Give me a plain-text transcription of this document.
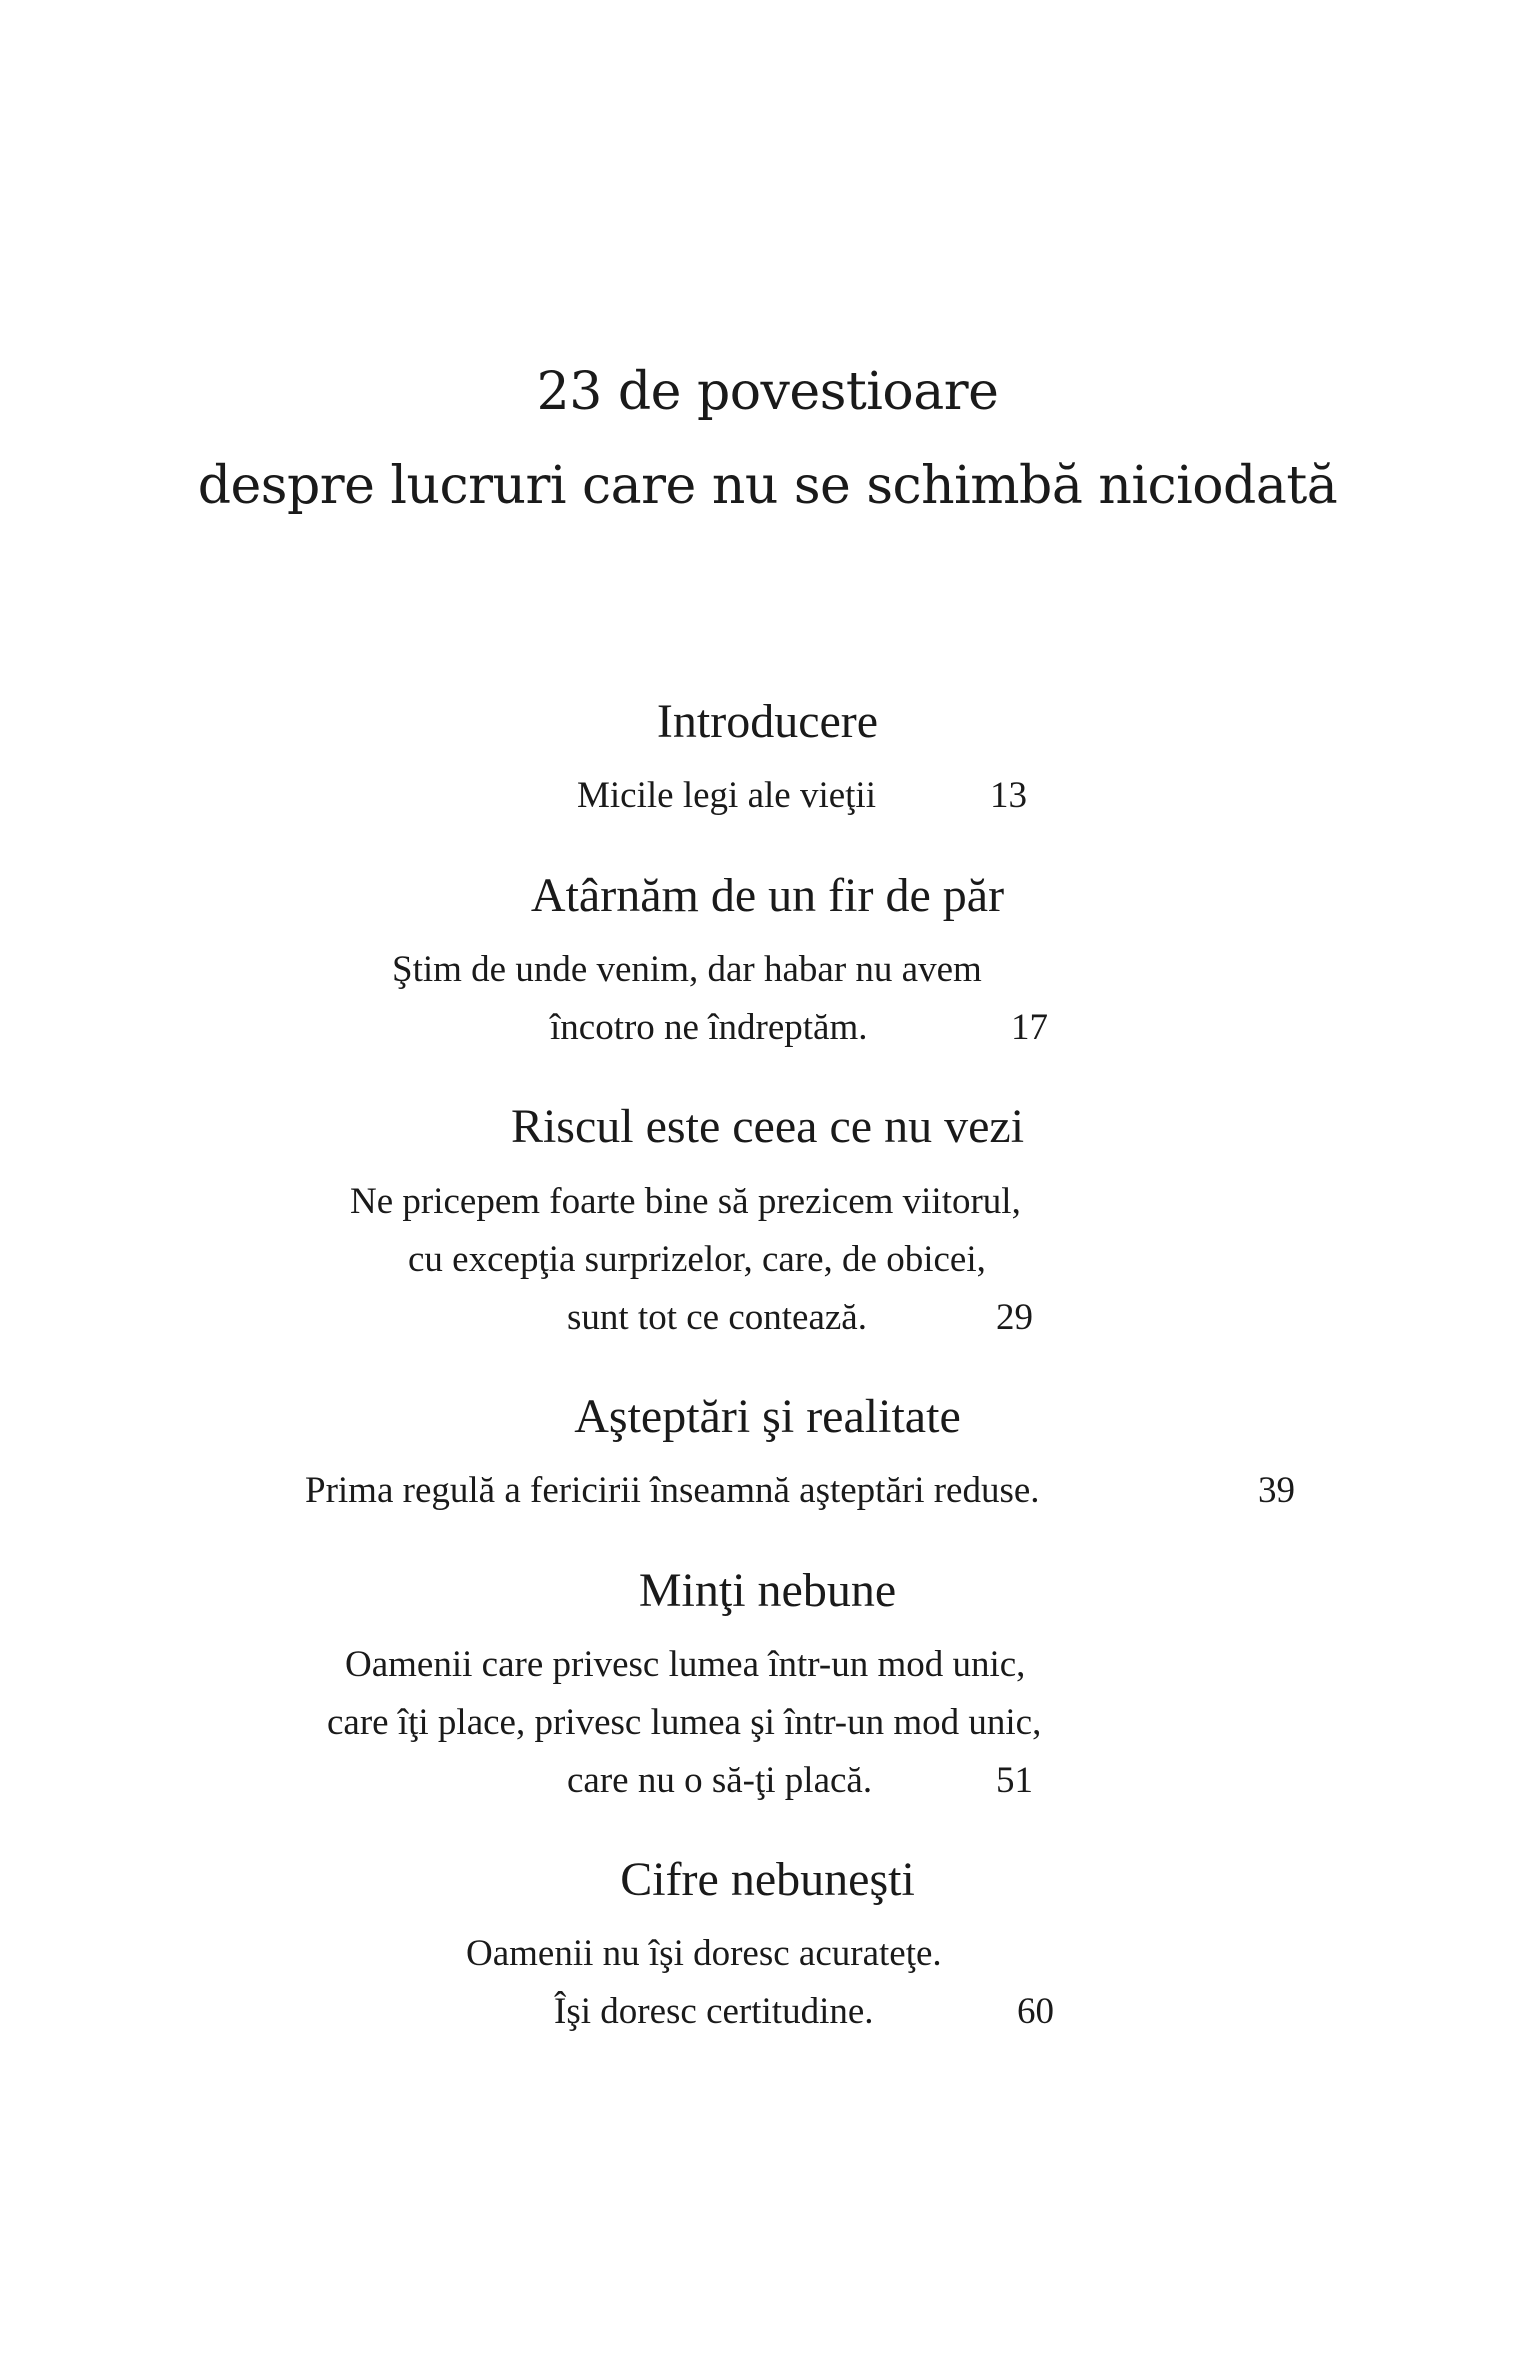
23 de povestioare
despre lucruri care nu se schimbă niciodată
Introducere
Micile legi ale vieţii	13
Atârnăm de un fir de păr
Ştim de unde venim, dar habar nu avem
încotro ne îndreptăm.	17
Riscul este ceea ce nu vezi
Ne pricepem foarte bine să prezicem viitorul,
cu excepţia surprizelor, care, de obicei,
sunt tot ce contează.	29
Aşteptări şi realitate
Prima regulă a fericirii înseamnă aşteptări reduse.	39
Minţi nebune
Oamenii care privesc lumea într-un mod unic,
care îţi place, privesc lumea şi într-un mod unic,
care nu o să-ţi placă.	51
Cifre nebuneşti
Oamenii nu îşi doresc acurateţe.
Îşi doresc certitudine.	60
